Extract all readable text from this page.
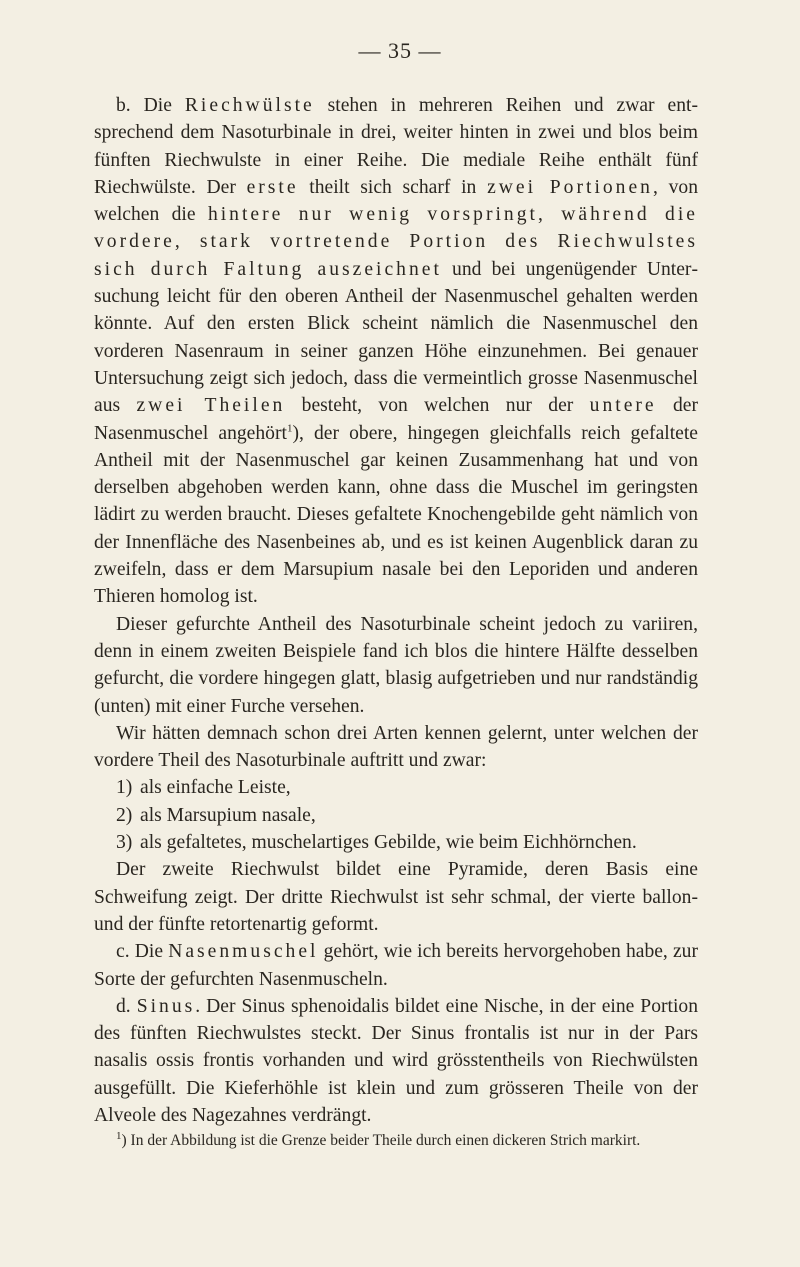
— 35 —

b. Die Riechwülste stehen in mehreren Reihen und zwar entsprechend dem Nasoturbinale in drei, weiter hinten in zwei und blos beim fünften Riechwulste in einer Reihe. Die mediale Reihe enthält fünf Riechwülste. Der erste theilt sich scharf in zwei Portionen, von welchen die hintere nur wenig vorspringt, während die vordere, stark vortretende Portion des Riechwulstes sich durch Faltung auszeichnet und bei ungenügender Untersuchung leicht für den oberen Antheil der Nasenmuschel gehalten werden könnte. Auf den ersten Blick scheint nämlich die Nasenmuschel den vorderen Nasenraum in seiner ganzen Höhe einzunehmen. Bei genauer Untersuchung zeigt sich jedoch, dass die vermeintlich grosse Nasenmuschel aus zwei Theilen besteht, von welchen nur der untere der Nasenmuschel angehört$^1$), der obere, hingegen gleichfalls reich gefaltete Antheil mit der Nasenmuschel gar keinen Zusammenhang hat und von derselben abgehoben werden kann, ohne dass die Muschel im geringsten lädirt zu werden braucht. Dieses gefaltete Knochengebilde geht nämlich von der Innenfläche des Nasenbeines ab, und es ist keinen Augenblick daran zu zweifeln, dass er dem Marsupium nasale bei den Leporiden und anderen Thieren homolog ist.

Dieser gefurchte Antheil des Nasoturbinale scheint jedoch zu variiren, denn in einem zweiten Beispiele fand ich blos die hintere Hälfte desselben gefurcht, die vordere hingegen glatt, blasig aufgetrieben und nur randständig (unten) mit einer Furche versehen.

Wir hätten demnach schon drei Arten kennen gelernt, unter welchen der vordere Theil des Nasoturbinale auftritt und zwar:

1) als einfache Leiste,

2) als Marsupium nasale,

3) als gefaltetes, muschelartiges Gebilde, wie beim Eichhörnchen.

Der zweite Riechwulst bildet eine Pyramide, deren Basis eine Schweifung zeigt. Der dritte Riechwulst ist sehr schmal, der vierte ballon- und der fünfte retortenartig geformt.

c. Die Nasenmuschel gehört, wie ich bereits hervorgehoben habe, zur Sorte der gefurchten Nasenmuscheln.

d. Sinus. Der Sinus sphenoidalis bildet eine Nische, in der eine Portion des fünften Riechwulstes steckt. Der Sinus frontalis ist nur in der Pars nasalis ossis frontis vorhanden und wird grösstentheils von Riechwülsten ausgefüllt. Die Kieferhöhle ist klein und zum grösseren Theile von der Alveole des Nagezahnes verdrängt.

$^1$) In der Abbildung ist die Grenze beider Theile durch einen dickeren Strich markirt.
